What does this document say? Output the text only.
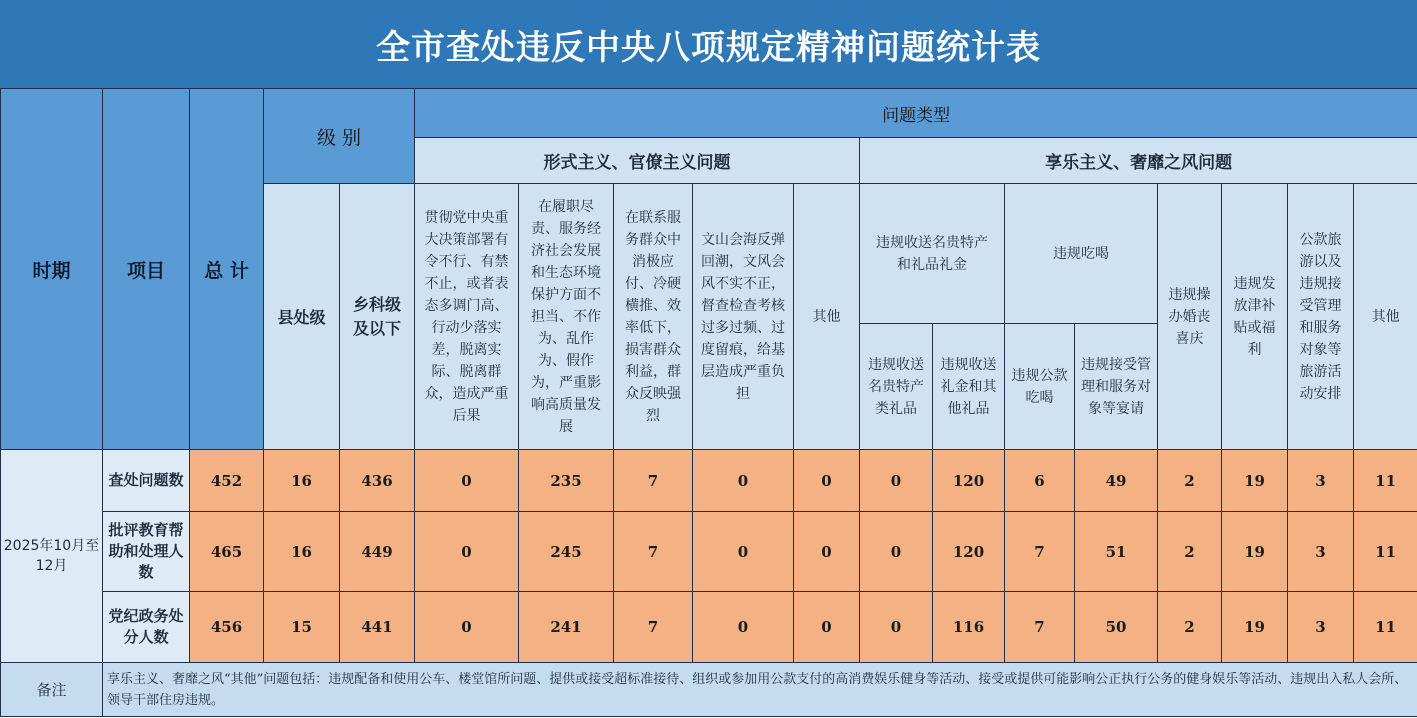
全市查处违反中央八项规定精神问题统计表
时期	项目	总 计	级 别		问题类型												
					形式主义、官僚主义问题					享乐主义、奢靡之风问题							
			县处级	乡科级及以下	贯彻党中央重大决策部署有令不行、有禁不止，或者表态多调门高、行动少落实差，脱离实际、脱离群众，造成严重后果	在履职尽责、服务经济社会发展和生态环境保护方面不担当、不作为、乱作为、假作为，严重影响高质量发展	在联系服务群众中消极应付、冷硬横推、效率低下，损害群众利益，群众反映强烈	文山会海反弹回潮，文风会风不实不正，督查检查考核过多过频、过度留痕，给基层造成严重负担	其他	违规收送名贵特产和礼品礼金		违规吃喝		违规操办婚丧喜庆	违规发放津补贴或福利	公款旅游以及违规接受管理和服务对象等旅游活动安排	其他
										违规收送名贵特产类礼品	违规收送礼金和其他礼品	违规公款吃喝	违规接受管理和服务对象等宴请				
2025年10月至12月	查处问题数	452	16	436	0	235	7	0	0	0	120	6	49	2	19	3	11
	批评教育帮助和处理人数	465	16	449	0	245	7	0	0	0	120	7	51	2	19	3	11
	党纪政务处分人数	456	15	441	0	241	7	0	0	0	116	7	50	2	19	3	11
备注	享乐主义、奢靡之风“其他”问题包括：违规配备和使用公车、楼堂馆所问题、提供或接受超标准接待、组织或参加用公款支付的高消费娱乐健身等活动、接受或提供可能影响公正执行公务的健身娱乐等活动、违规出入私人会所、领导干部住房违规。																
